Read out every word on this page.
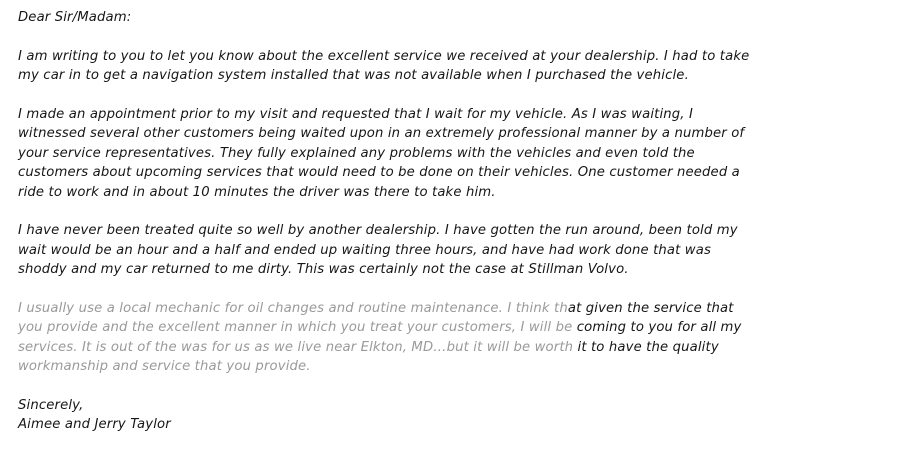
Dear Sir/Madam:
I am writing to you to let you know about the excellent service we received at your dealership. I had to take
my car in to get a navigation system installed that was not available when I purchased the vehicle.
I made an appointment prior to my visit and requested that I wait for my vehicle. As I was waiting, I
witnessed several other customers being waited upon in an extremely professional manner by a number of
your service representatives. They fully explained any problems with the vehicles and even told the
customers about upcoming services that would need to be done on their vehicles. One customer needed a
ride to work and in about 10 minutes the driver was there to take him.
I have never been treated quite so well by another dealership. I have gotten the run around, been told my
wait would be an hour and a half and ended up waiting three hours, and have had work done that was
shoddy and my car returned to me dirty. This was certainly not the case at Stillman Volvo.
I usually use a local mechanic for oil changes and routine maintenance. I think that given the service that
you provide and the excellent manner in which you treat your customers, I will be coming to you for all my
services. It is out of the was for us as we live near Elkton, MD…but it will be worth it to have the quality
workmanship and service that you provide.
Sincerely,
Aimee and Jerry Taylor
